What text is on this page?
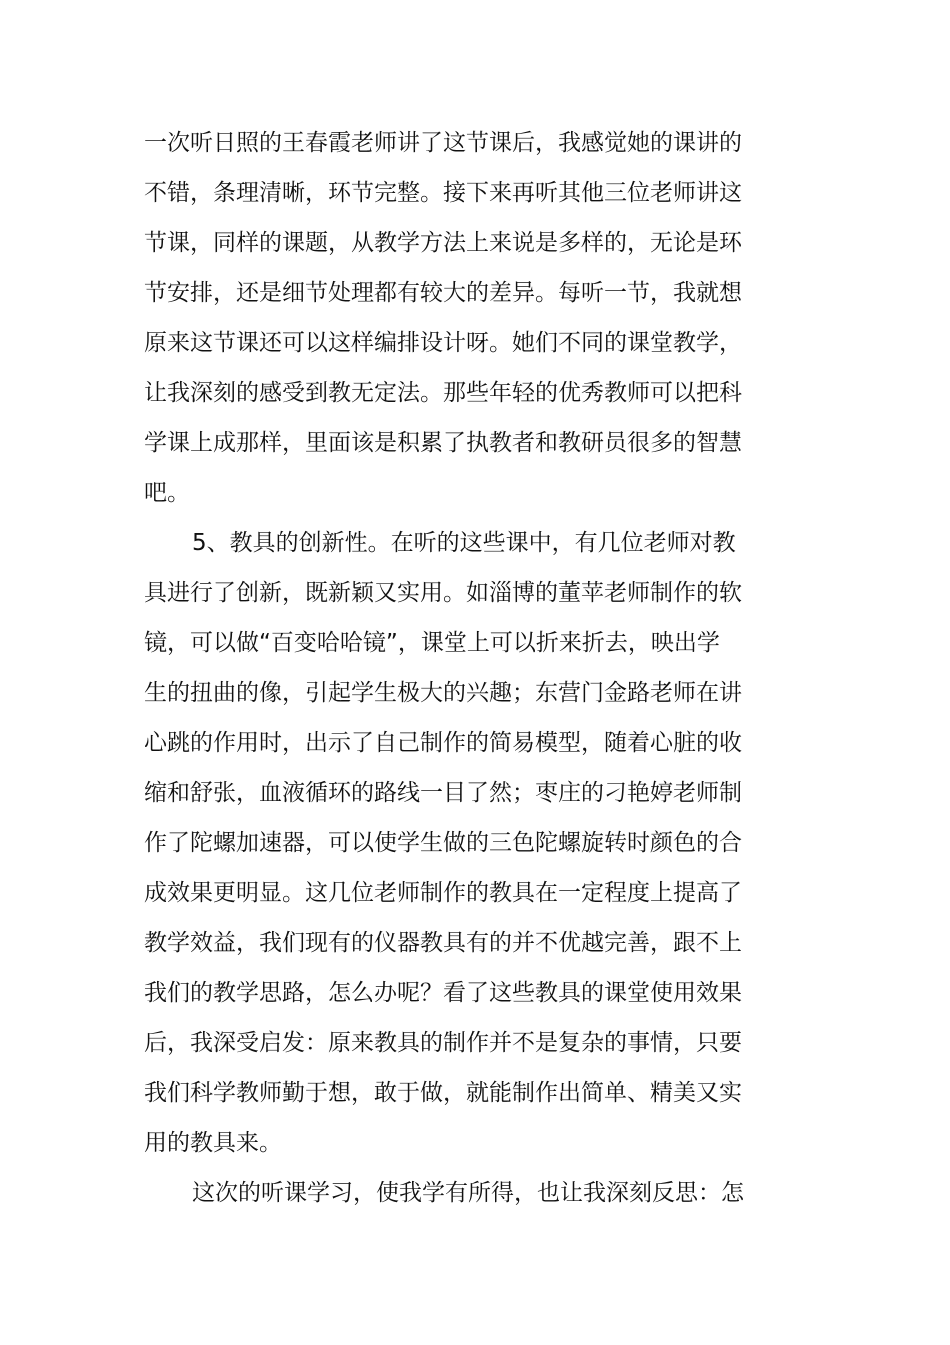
一次听日照的王春霞老师讲了这节课后，我感觉她的课讲的
不错，条理清晰，环节完整。接下来再听其他三位老师讲这
节课，同样的课题，从教学方法上来说是多样的，无论是环
节安排，还是细节处理都有较大的差异。每听一节，我就想
原来这节课还可以这样编排设计呀。她们不同的课堂教学，
让我深刻的感受到教无定法。那些年轻的优秀教师可以把科
学课上成那样，里面该是积累了执教者和教研员很多的智慧
吧。
5、教具的创新性。在听的这些课中，有几位老师对教
具进行了创新，既新颖又实用。如淄博的董苹老师制作的软
镜，可以做“百变哈哈镜”，课堂上可以折来折去，映出学
生的扭曲的像，引起学生极大的兴趣；东营门金路老师在讲
心跳的作用时，出示了自己制作的简易模型，随着心脏的收
缩和舒张，血液循环的路线一目了然；枣庄的刁艳婷老师制
作了陀螺加速器，可以使学生做的三色陀螺旋转时颜色的合
成效果更明显。这几位老师制作的教具在一定程度上提高了
教学效益，我们现有的仪器教具有的并不优越完善，跟不上
我们的教学思路，怎么办呢？看了这些教具的课堂使用效果
后，我深受启发：原来教具的制作并不是复杂的事情，只要
我们科学教师勤于想，敢于做，就能制作出简单、精美又实
用的教具来。
这次的听课学习，使我学有所得，也让我深刻反思：怎
